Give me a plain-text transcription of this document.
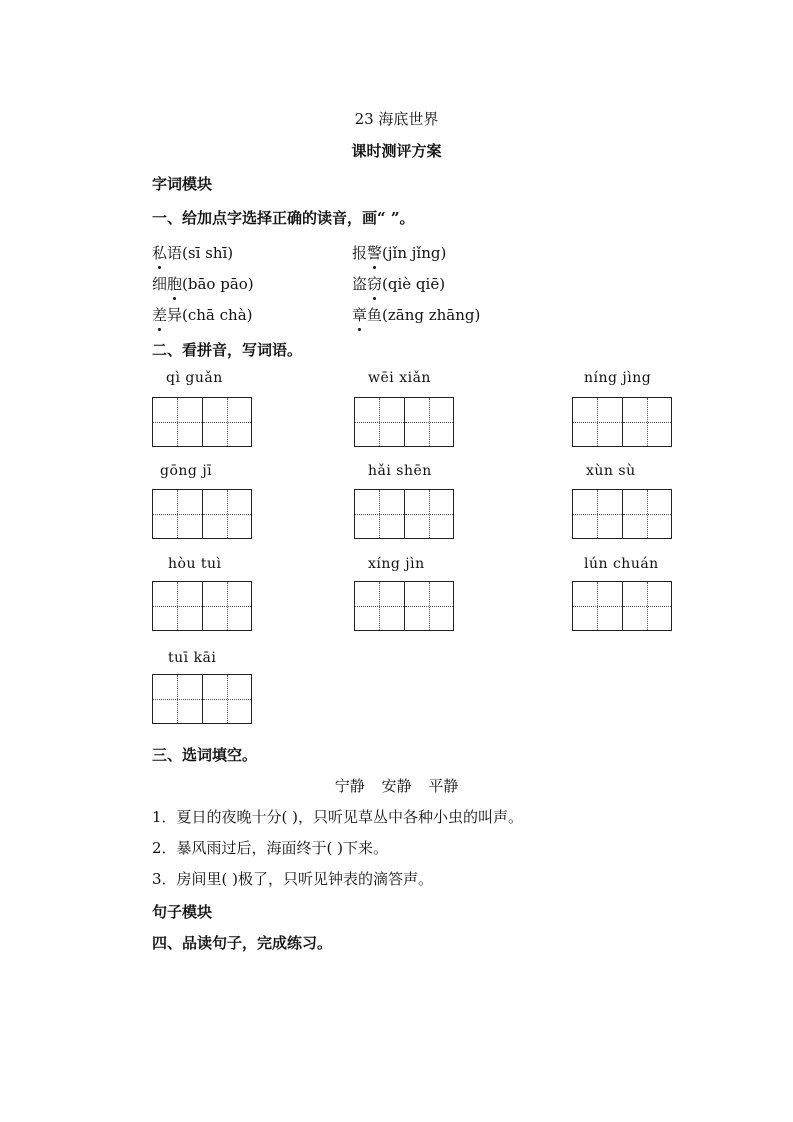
23 海底世界
课时测评方案
字词模块
一、给加点字选择正确的读音，画“ ”。
私语(sī shī)	报警(jǐn jǐng)
细胞(bāo pāo)	盗窃(qiè qiē)
差异(chā chà)	章鱼(zāng zhāng)
二、看拼音，写词语。
qì guǎn	wēi xiǎn	níng jìng
gōng jī	hǎi shēn	xùn sù
hòu tuì	xíng jìn	lún chuán
tuī kāi
三、选词填空。
宁静 安静 平静
1．夏日的夜晚十分( )，只听见草丛中各种小虫的叫声。
2．暴风雨过后，海面终于( )下来。
3．房间里( )极了，只听见钟表的滴答声。
句子模块
四、品读句子，完成练习。
